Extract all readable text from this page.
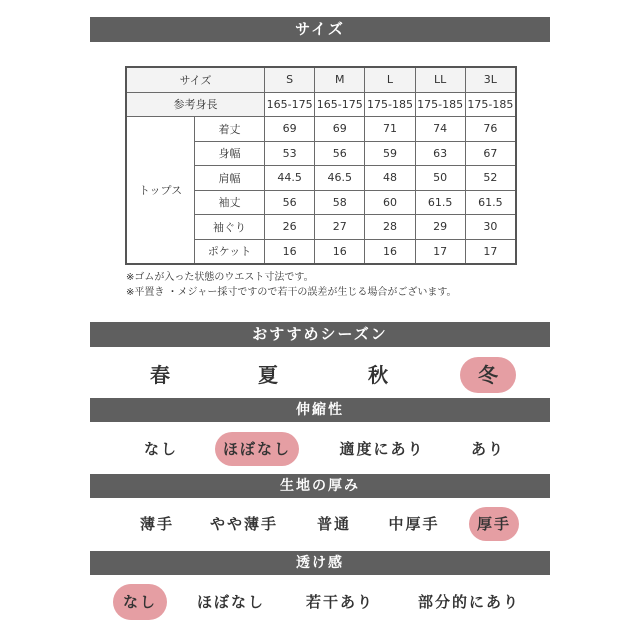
サイズ
サイズ		S	M	L	LL	3L
参考身長		165-175	165-175	175-185	175-185	175-185
トップス	着丈	69	69	71	74	76
	身幅	53	56	59	63	67
	肩幅	44.5	46.5	48	50	52
	袖丈	56	58	60	61.5	61.5
	袖ぐり	26	27	28	29	30
	ポケット	16	16	16	17	17
※ゴムが入った状態のウエスト寸法です。
※平置き ・メジャー採寸ですので若干の誤差が生じる場合がございます。
おすすめシーズン
春	夏	秋	冬
伸縮性
なし	ほぼなし	適度にあり	あり
生地の厚み
薄手 やや薄手	普通 中厚手	厚手
透け感
なし	ほぼなし	若干あり	部分的にあり
